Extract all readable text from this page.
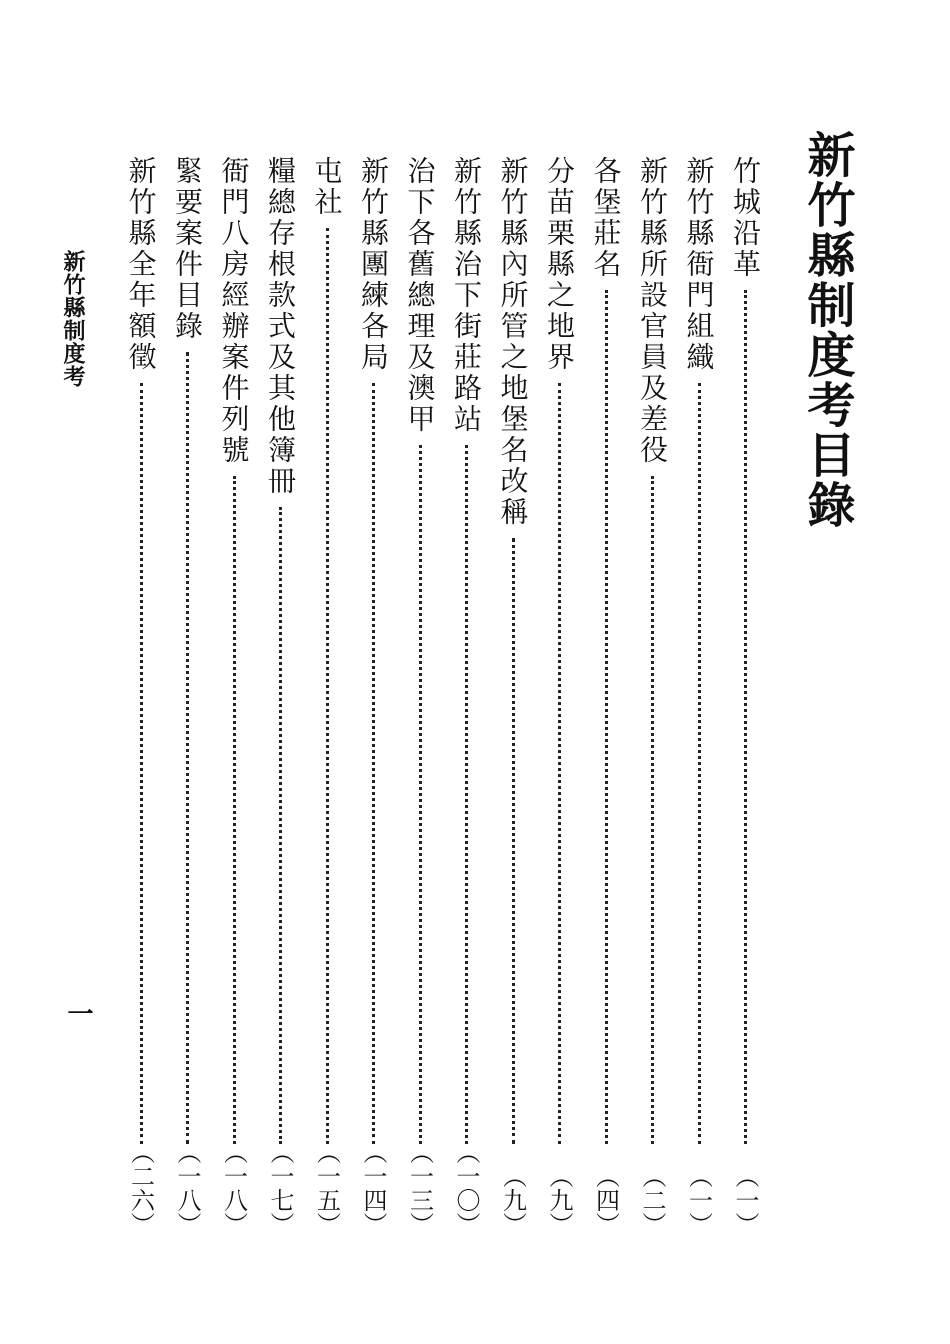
新竹縣制度考目錄
竹城沿革
（一）
新竹縣衙門組織
（一）
新竹縣所設官員及差役
（二）
各堡莊名
（四）
分苗栗縣之地界
（九）
新竹縣內所管之地堡名改稱
（九）
新竹縣治下街莊路站
（一〇）
治下各舊總理及澳甲
（一三）
新竹縣團練各局
（一四）
屯社
（一五）
糧總存根款式及其他簿冊
（一七）
衙門八房經辦案件列號
（一八）
緊要案件目錄
（一八）
新竹縣全年額徵
（二六）
新竹縣制度考
一
